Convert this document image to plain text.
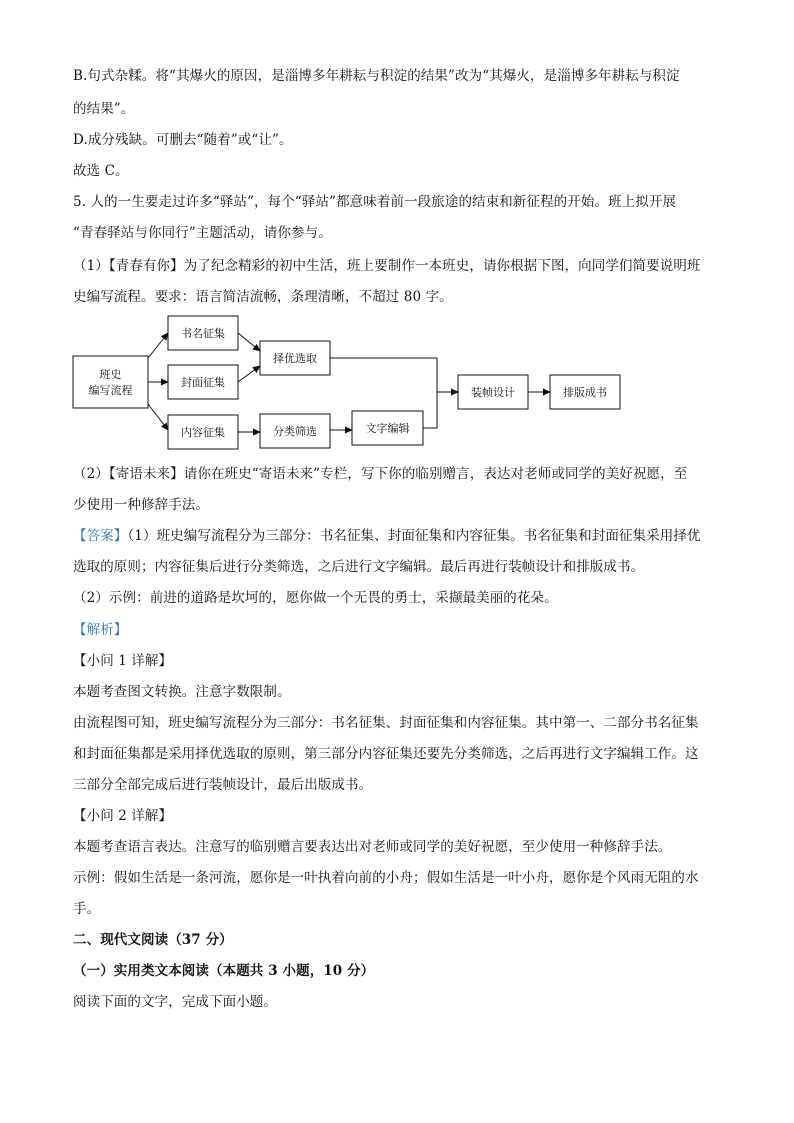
B.句式杂糅。将“其爆火的原因，是淄博多年耕耘与积淀的结果”改为“其爆火，是淄博多年耕耘与积淀
的结果”。
D.成分残缺。可删去“随着”或“让”。
故选 C。
5. 人的一生要走过许多“驿站”，每个“驿站”都意味着前一段旅途的结束和新征程的开始。班上拟开展
“青春驿站与你同行”主题活动，请你参与。
（1）【青春有你】为了纪念精彩的初中生活，班上要制作一本班史，请你根据下图，向同学们简要说明班
史编写流程。要求：语言简洁流畅，条理清晰，不超过 80 字。
班史
编写流程
书名征集
封面征集
内容征集
择优选取
分类筛选	文字编辑
装帧设计	排版成书
（2）【寄语未来】请你在班史“寄语未来”专栏，写下你的临别赠言，表达对老师或同学的美好祝愿，至
少使用一种修辞手法。
【答案】（1）班史编写流程分为三部分：书名征集、封面征集和内容征集。书名征集和封面征集采用择优
选取的原则；内容征集后进行分类筛选，之后进行文字编辑。最后再进行装帧设计和排版成书。
（2）示例：前进的道路是坎坷的，愿你做一个无畏的勇士，采撷最美丽的花朵。
【解析】
【小问 1 详解】
本题考查图文转换。注意字数限制。
由流程图可知，班史编写流程分为三部分：书名征集、封面征集和内容征集。其中第一、二部分书名征集
和封面征集都是采用择优选取的原则，第三部分内容征集还要先分类筛选，之后再进行文字编辑工作。这
三部分全部完成后进行装帧设计，最后出版成书。
【小问 2 详解】
本题考查语言表达。注意写的临别赠言要表达出对老师或同学的美好祝愿，至少使用一种修辞手法。
示例：假如生活是一条河流，愿你是一叶执着向前的小舟；假如生活是一叶小舟，愿你是个风雨无阻的水
手。
二、现代文阅读（37 分）
（一）实用类文本阅读（本题共 3 小题，10 分）
阅读下面的文字，完成下面小题。
